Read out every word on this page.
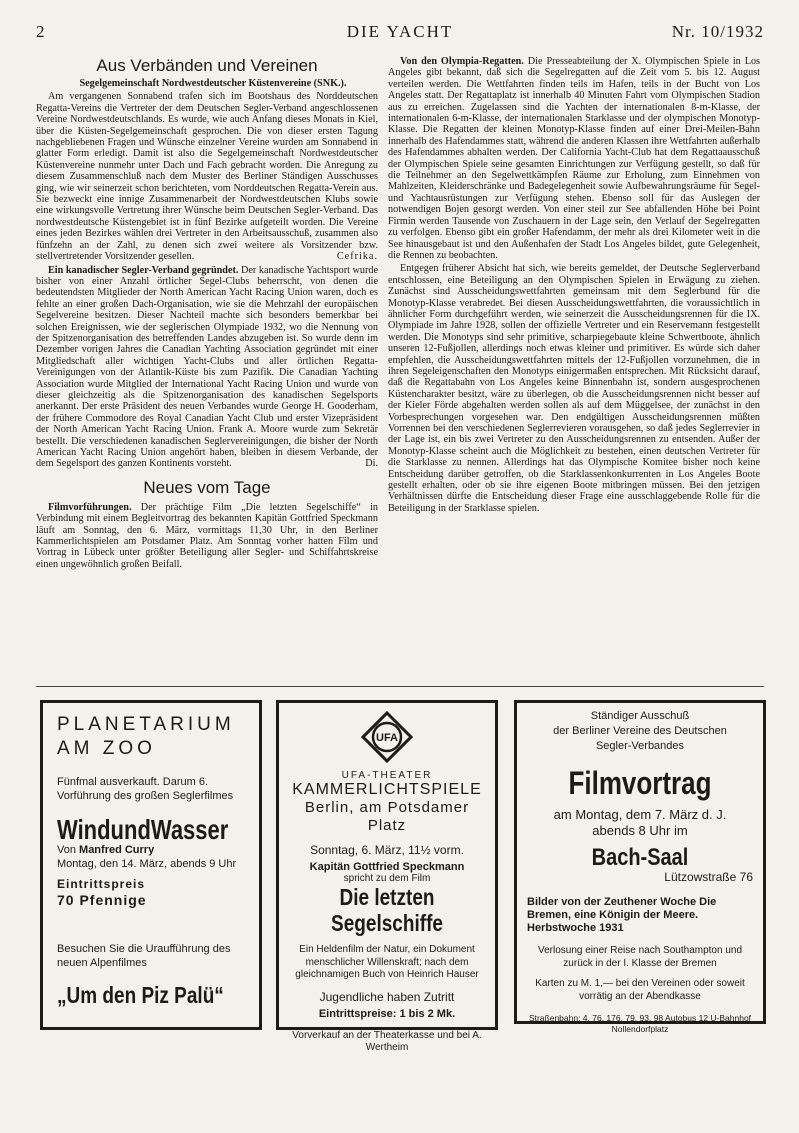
2	DIE YACHT	Nr. 10/1932
Aus Verbänden und Vereinen

Segelgemeinschaft Nordwestdeutscher Küstenvereine (SNK.).

Am vergangenen Sonnabend trafen sich im Bootshaus des Norddeutschen Regatta-Vereins die Vertreter der dem Deutschen Segler-Verband angeschlossenen Vereine Nordwestdeutschlands. Es wurde, wie auch Anfang dieses Monats in Kiel, über die Küsten-Segelgemeinschaft gesprochen. Die von dieser ersten Tagung nachgebliebenen Fragen und Wünsche einzelner Vereine wurden am Sonnabend in glatter Form erledigt. Damit ist also die Segelgemeinschaft Nordwestdeutscher Küstenvereine nunmehr unter Dach und Fach gebracht worden. Die Anregung zu diesem Zusammenschluß nach dem Muster des Berliner Ständigen Ausschusses ging, wie wir seinerzeit schon berichteten, vom Norddeutschen Regatta-Verein aus. Sie bezweckt eine innige Zusammenarbeit der Nordwestdeutschen Klubs sowie eine wirkungsvolle Vertretung ihrer Wünsche beim Deutschen Segler-Verband. Das nordwestdeutsche Küstengebiet ist in fünf Bezirke aufgeteilt worden. Die Vereine eines jeden Bezirkes wählen drei Vertreter in den Arbeitsausschuß, zusammen also fünfzehn an der Zahl, zu denen sich zwei weitere als Vorsitzender bzw. stellvertretender Vorsitzender gesellen.	Cefrika.

Ein kanadischer Segler-Verband gegründet. Der kanadische Yachtsport wurde bisher von einer Anzahl örtlicher Segel-Clubs beherrscht, von denen die bedeutendsten Mitglieder der North American Yacht Racing Union waren, doch es fehlte an einer großen Dach-Organisation, wie sie die Mehrzahl der europäischen Segelvereine besitzen. Dieser Nachteil machte sich besonders bemerkbar bei solchen Ereignissen, wie der seglerischen Olympiade 1932, wo die Nennung von der Spitzenorganisation des betreffenden Landes abzugeben ist. So wurde denn im Dezember vorigen Jahres die Canadian Yachting Association gegründet mit einer Mitgliedschaft aller wichtigen Yacht-Clubs und aller örtlichen Regatta-Vereinigungen von der Atlantik-Küste bis zum Pazifik. Die Canadian Yachting Association wurde Mitglied der International Yacht Racing Union und wurde von dieser gleichzeitig als die Spitzenorganisation des kanadischen Segelsports anerkannt. Der erste Präsident des neuen Verbandes wurde George H. Gooderham, der frühere Commodore des Royal Canadian Yacht Club und erster Vizepräsident der North American Yacht Racing Union. Frank A. Moore wurde zum Sekretär bestellt. Die verschiedenen kanadischen Seglervereinigungen, die bisher der North American Yacht Racing Union angehört haben, bleiben in diesem Verbande, der dem Segelsport des ganzen Kontinents vorsteht.	Di.

Neues vom Tage

Filmvorführungen. Der prächtige Film „Die letzten Segelschiffe“ in Verbindung mit einem Begleitvortrag des bekannten Kapitän Gottfried Speckmann läuft am Sonntag, den 6. März, vormittags 11,30 Uhr, in den Berliner Kammerlichtspielen am Potsdamer Platz. Am Sonntag vorher hatten Film und Vortrag in Lübeck unter größter Beteiligung aller Segler- und Schiffahrtskreise einen ungewöhnlich großen Beifall.

Von den Olympia-Regatten. Die Presseabteilung der X. Olympischen Spiele in Los Angeles gibt bekannt, daß sich die Segelregatten auf die Zeit vom 5. bis 12. August verteilen werden. Die Wettfahrten finden teils im Hafen, teils in der Bucht von Los Angeles statt. Der Regattaplatz ist innerhalb 40 Minuten Fahrt vom Olympischen Stadion aus zu erreichen. Zugelassen sind die Yachten der internationalen 8-m-Klasse, der internationalen 6-m-Klasse, der internationalen Starklasse und der olympischen Monotyp-Klasse. Die Regatten der kleinen Monotyp-Klasse finden auf einer Drei-Meilen-Bahn innerhalb des Hafendammes statt, während die anderen Klassen ihre Wettfahrten außerhalb des Hafendammes abhalten werden. Der California Yacht-Club hat dem Regattaausschuß der Olympischen Spiele seine gesamten Einrichtungen zur Verfügung gestellt, so daß für die Teilnehmer an den Segelwettkämpfen Räume zur Erholung, zum Einnehmen von Mahlzeiten, Kleiderschränke und Badegelegenheit sowie Aufbewahrungsräume für Segel- und Yachtausrüstungen zur Verfügung stehen. Ebenso soll für das Auslegen der notwendigen Bojen gesorgt werden. Von einer steil zur See abfallenden Höhe bei Point Firmin werden Tausende von Zuschauern in der Lage sein, den Verlauf der Segelregatten zu verfolgen. Ebenso gibt ein großer Hafendamm, der mehr als drei Kilometer weit in die See hinausgebaut ist und den Außenhafen der Stadt Los Angeles bildet, gute Gelegenheit, die Rennen zu beobachten.

Entgegen früherer Absicht hat sich, wie bereits gemeldet, der Deutsche Seglerverband entschlossen, eine Beteiligung an den Olympischen Spielen in Erwägung zu ziehen. Zunächst sind Ausscheidungswettfahrten gemeinsam mit dem Seglerbund für die Monotyp-Klasse verabredet. Bei diesen Ausscheidungswettfahrten, die voraussichtlich in ähnlicher Form durchgeführt werden, wie seinerzeit die Ausscheidungsrennen für die IX. Olympiade im Jahre 1928, sollen der offizielle Vertreter und ein Reservemann festgestellt werden. Die Monotyps sind sehr primitive, scharpiegebaute kleine Schwertboote, ähnlich unseren 12-Fußjollen, allerdings noch etwas kleiner und primitiver. Es würde sich daher empfehlen, die Ausscheidungswettfahrten mittels der 12-Fußjollen vorzunehmen, die in ihren Segeleigenschaften den Monotyps einigermaßen entsprechen. Mit Rücksicht darauf, daß die Regattabahn von Los Angeles keine Binnenbahn ist, sondern ausgesprochenen Küstencharakter besitzt, wäre zu überlegen, ob die Ausscheidungsrennen nicht besser auf der Kieler Förde abgehalten werden sollen als auf dem Müggelsee, der zunächst in den Vorbesprechungen vorgesehen war. Den endgültigen Ausscheidungsrennen müßten Vorrennen bei den verschiedenen Seglerrevieren vorausgehen, so daß jedes Seglerrevier in der Lage ist, ein bis zwei Vertreter zu den Ausscheidungsrennen zu entsenden. Außer der Monotyp-Klasse scheint auch die Möglichkeit zu bestehen, einen deutschen Vertreter für die Starklasse zu nennen. Allerdings hat das Olympische Komitee bisher noch keine Entscheidung darüber getroffen, ob die Starklassenkonkurrenten in Los Angeles Boote gestellt erhalten, oder ob sie ihre eigenen Boote mitbringen müssen. Bei den jetzigen Verhältnissen dürfte die Entscheidung dieser Frage eine ausschlaggebende Rolle für die Beteiligung in der Starklasse spielen.

PLANETARIUM
AM ZOO
Fünfmal ausverkauft. Darum 6. Vorführung des großen Seglerfilmes
WindundWasser
Von Manfred Curry
Montag, den 14. März, abends 9 Uhr
Eintrittspreis
70 Pfennige
Besuchen Sie die Uraufführung des neuen Alpenfilmes
„Um den Piz Palü“
UFA
UFA-THEATER
KAMMERLICHTSPIELE
Berlin, am Potsdamer Platz
Sonntag, 6. März, 11½ vorm.
Kapitän Gottfried Speckmann
spricht zu dem Film
Die letzten Segelschiffe
Ein Heldenfilm der Natur, ein Dokument menschlicher Willenskraft; nach dem gleichnamigen Buch von Heinrich Hauser
Jugendliche haben Zutritt
Eintrittspreise: 1 bis 2 Mk.
Vorverkauf an der Theaterkasse und bei A. Wertheim
Ständiger Ausschuß
der Berliner Vereine des Deutschen
Segler-Verbandes
Filmvortrag
am Montag, dem 7. März d. J.
abends 8 Uhr im
Bach-Saal
Lützowstraße 76
Bilder von der Zeuthener Woche Die Bremen, eine Königin der Meere. Herbstwoche 1931
Verlosung einer Reise nach Southampton und zurück in der I. Klasse der Bremen
Karten zu M. 1,— bei den Vereinen oder soweit vorrätig an der Abendkasse
Straßenbahn: 4, 76, 176, 79, 93, 98 Autobus 12 U-Bahnhof Nollendorfplatz
